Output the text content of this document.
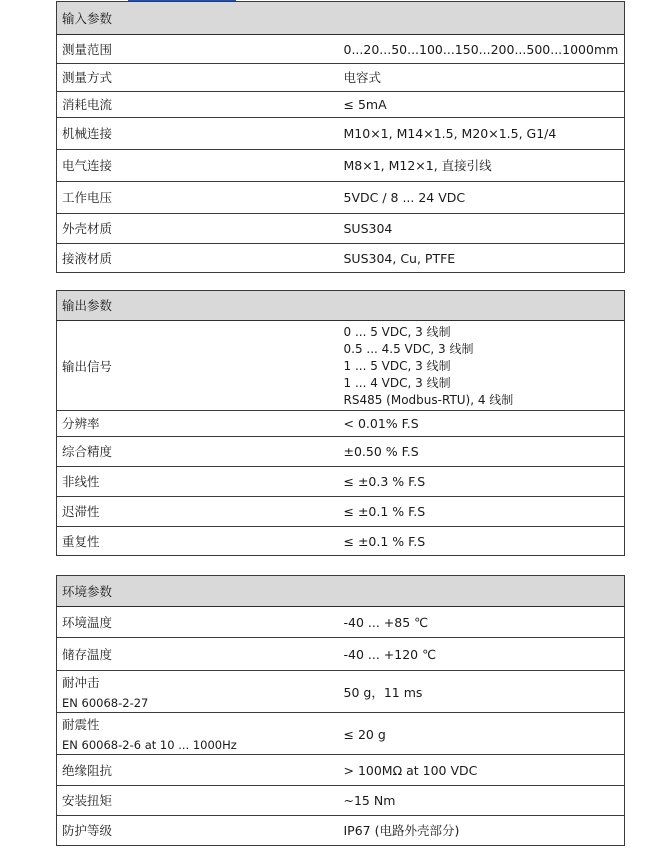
输入参数	
测量范围	0...20...50...100...150...200...500...1000mm
测量方式	电容式
消耗电流	≤ 5mA
机械连接	M10×1, M14×1.5, M20×1.5, G1/4
电气连接	M8×1, M12×1, 直接引线
工作电压	5VDC / 8 ... 24 VDC
外壳材质	SUS304
接液材质	SUS304, Cu, PTFE
输出参数	
输出信号	0 ... 5 VDC, 3 线制
0.5 ... 4.5 VDC, 3 线制
1 ... 5 VDC, 3 线制
1 ... 4 VDC, 3 线制
RS485 (Modbus-RTU), 4 线制

分辨率	< 0.01% F.S
综合精度	±0.50 % F.S
非线性	≤ ±0.3 % F.S
迟滞性	≤ ±0.1 % F.S
重复性	≤ ±0.1 % F.S
环境参数	
环境温度	-40 ... +85 ℃
储存温度	-40 ... +120 ℃
耐冲击
EN 60068-2-27	50 g，11 ms
耐震性
EN 60068-2-6 at 10 ... 1000Hz	≤ 20 g
绝缘阻抗	> 100MΩ at 100 VDC
安装扭矩	~15 Nm
防护等级	IP67 (电路外壳部分)
